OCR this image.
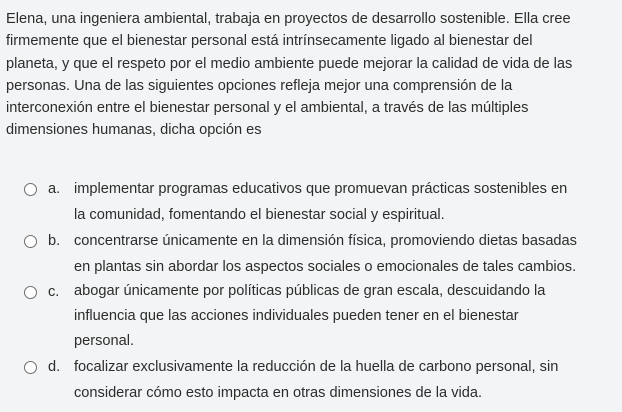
Elena, una ingeniera ambiental, trabaja en proyectos de desarrollo sostenible. Ella cree
firmemente que el bienestar personal está intrínsecamente ligado al bienestar del
planeta, y que el respeto por el medio ambiente puede mejorar la calidad de vida de las
personas. Una de las siguientes opciones refleja mejor una comprensión de la
interconexión entre el bienestar personal y el ambiental, a través de las múltiples
dimensiones humanas, dicha opción es
a. implementar programas educativos que promuevan prácticas sostenibles en
la comunidad, fomentando el bienestar social y espiritual.
b. concentrarse únicamente en la dimensión física, promoviendo dietas basadas
en plantas sin abordar los aspectos sociales o emocionales de tales cambios.
c.	abogar únicamente por políticas públicas de gran escala, descuidando la
influencia que las acciones individuales pueden tener en el bienestar
personal.
d. focalizar exclusivamente la reducción de la huella de carbono personal, sin
considerar cómo esto impacta en otras dimensiones de la vida.
